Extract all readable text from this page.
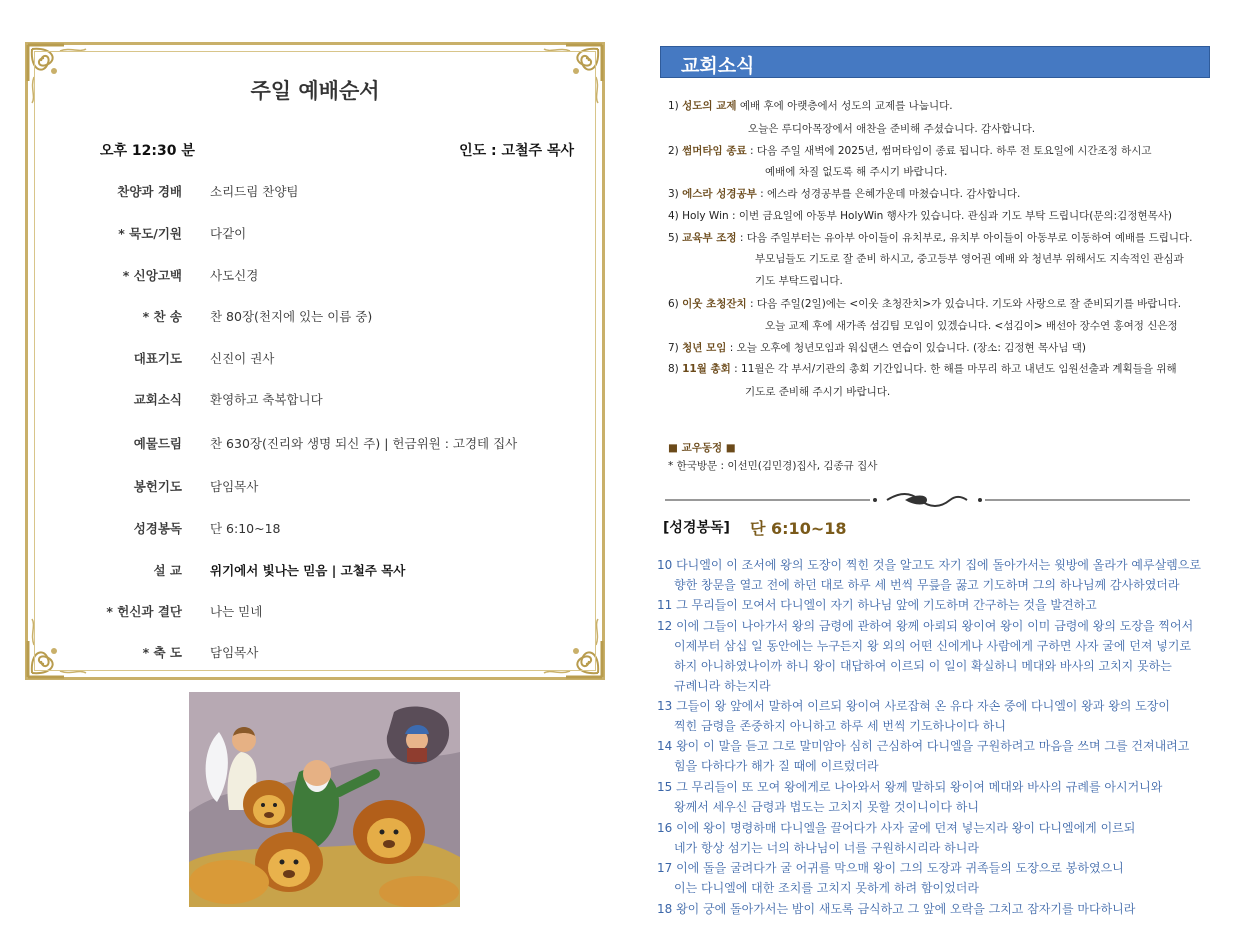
주일 예배순서
오후 12:30 분	인도 : 고철주 목사
찬양과 경배 소리드림 찬양팀
* 묵도/기원 다같이
* 신앙고백 사도신경
* 찬 송 찬 80장(천지에 있는 이름 중)
대표기도 신진이 권사
교회소식 환영하고 축복합니다
예물드림 찬 630장(진리와 생명 되신 주) | 헌금위원 : 고경테 집사
봉헌기도 담임목사
성경봉독 단 6:10~18
설 교 위기에서 빛나는 믿음 | 고철주 목사
* 헌신과 결단 나는 믿네
* 축 도 담임목사
교회소식
1) 성도의 교제 예배 후에 아랫층에서 성도의 교제를 나눕니다.
오늘은 루디아목장에서 애찬을 준비해 주셨습니다. 감사합니다.
2) 썸머타임 종료 : 다음 주일 새벽에 2025년, 썸머타임이 종료 됩니다. 하루 전 토요일에 시간조정 하시고
예배에 차질 없도록 해 주시기 바랍니다.
3) 에스라 성경공부 : 에스라 성경공부를 은혜가운데 마쳤습니다. 감사합니다.
4) Holy Win : 이번 금요일에 아동부 HolyWin 행사가 있습니다. 관심과 기도 부탁 드립니다(문의:김정현목사)
5) 교육부 조정 : 다음 주일부터는 유아부 아이들이 유치부로, 유치부 아이들이 아동부로 이동하여 예배를 드립니다.
부모님들도 기도로 잘 준비 하시고, 중고등부 영어권 예배 와 청년부 위해서도 지속적인 관심과
기도 부탁드립니다.
6) 이웃 초청잔치 : 다음 주일(2일)에는 <이웃 초청잔치>가 있습니다. 기도와 사랑으로 잘 준비되기를 바랍니다.
오늘 교제 후에 새가족 섬김팀 모임이 있겠습니다. <섬김이> 배선아 장수연 홍여정 신은정
7) 청년 모임 : 오늘 오후에 청년모임과 워십댄스 연습이 있습니다. (장소: 김정현 목사님 댁)
8) 11월 총회 : 11월은 각 부서/기관의 총회 기간입니다. 한 해를 마무리 하고 내년도 임원선출과 계획들을 위해
기도로 준비해 주시기 바랍니다.
■ 교우동정 ■
* 한국방문 : 이선민(김민경)집사, 김종규 집사
[성경봉독] 단 6:10~18
10 다니엘이 이 조서에 왕의 도장이 찍힌 것을 알고도 자기 집에 돌아가서는 윗방에 올라가 예루살렘으로
향한 창문을 열고 전에 하던 대로 하루 세 번씩 무릎을 꿇고 기도하며 그의 하나님께 감사하였더라
11 그 무리들이 모여서 다니엘이 자기 하나님 앞에 기도하며 간구하는 것을 발견하고
12 이에 그들이 나아가서 왕의 금령에 관하여 왕께 아뢰되 왕이여 왕이 이미 금령에 왕의 도장을 찍어서
이제부터 삼십 일 동안에는 누구든지 왕 외의 어떤 신에게나 사람에게 구하면 사자 굴에 던져 넣기로
하지 아니하였나이까 하니 왕이 대답하여 이르되 이 일이 확실하니 메대와 바사의 고치지 못하는
규례니라 하는지라
13 그들이 왕 앞에서 말하여 이르되 왕이여 사로잡혀 온 유다 자손 중에 다니엘이 왕과 왕의 도장이
찍힌 금령을 존중하지 아니하고 하루 세 번씩 기도하나이다 하니
14 왕이 이 말을 듣고 그로 말미암아 심히 근심하여 다니엘을 구원하려고 마음을 쓰며 그를 건져내려고
힘을 다하다가 해가 질 때에 이르렀더라
15 그 무리들이 또 모여 왕에게로 나아와서 왕께 말하되 왕이여 메대와 바사의 규례를 아시거니와
왕께서 세우신 금령과 법도는 고치지 못할 것이니이다 하니
16 이에 왕이 명령하매 다니엘을 끌어다가 사자 굴에 던져 넣는지라 왕이 다니엘에게 이르되
네가 항상 섬기는 너의 하나님이 너를 구원하시리라 하니라
17 이에 돌을 굴려다가 굴 어귀를 막으매 왕이 그의 도장과 귀족들의 도장으로 봉하였으니
이는 다니엘에 대한 조치를 고치지 못하게 하려 함이었더라
18 왕이 궁에 돌아가서는 밤이 새도록 금식하고 그 앞에 오락을 그치고 잠자기를 마다하니라
